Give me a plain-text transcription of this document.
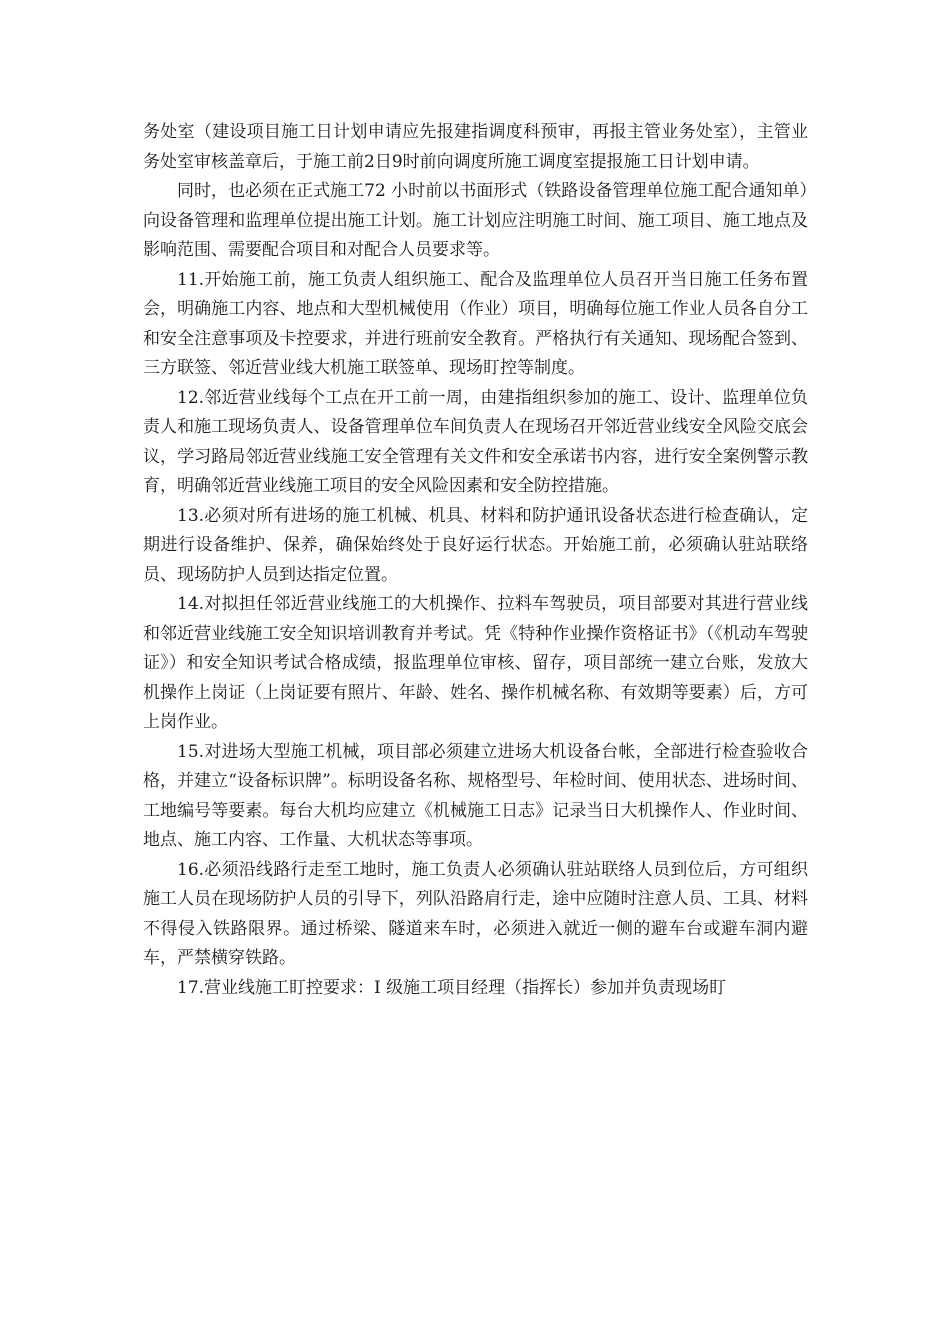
务处室（建设项目施工日计划申请应先报建指调度科预审，再报主管业务处室），主管业务处室审核盖章后，于施工前2日9时前向调度所施工调度室提报施工日计划申请。

同时，也必须在正式施工72 小时前以书面形式（铁路设备管理单位施工配合通知单）向设备管理和监理单位提出施工计划。施工计划应注明施工时间、施工项目、施工地点及影响范围、需要配合项目和对配合人员要求等。

11.开始施工前，施工负责人组织施工、配合及监理单位人员召开当日施工任务布置会，明确施工内容、地点和大型机械使用（作业）项目，明确每位施工作业人员各自分工和安全注意事项及卡控要求，并进行班前安全教育。严格执行有关通知、现场配合签到、三方联签、邻近营业线大机施工联签单、现场盯控等制度。

12.邻近营业线每个工点在开工前一周，由建指组织参加的施工、设计、监理单位负责人和施工现场负责人、设备管理单位车间负责人在现场召开邻近营业线安全风险交底会议，学习路局邻近营业线施工安全管理有关文件和安全承诺书内容，进行安全案例警示教育，明确邻近营业线施工项目的安全风险因素和安全防控措施。

13.必须对所有进场的施工机械、机具、材料和防护通讯设备状态进行检查确认，定期进行设备维护、保养，确保始终处于良好运行状态。开始施工前，必须确认驻站联络员、现场防护人员到达指定位置。

14.对拟担任邻近营业线施工的大机操作、拉料车驾驶员，项目部要对其进行营业线和邻近营业线施工安全知识培训教育并考试。凭《特种作业操作资格证书》（《机动车驾驶证》）和安全知识考试合格成绩，报监理单位审核、留存，项目部统一建立台账，发放大机操作上岗证（上岗证要有照片、年龄、姓名、操作机械名称、有效期等要素）后，方可上岗作业。

15.对进场大型施工机械，项目部必须建立进场大机设备台帐，全部进行检查验收合格，并建立“设备标识牌”。标明设备名称、规格型号、年检时间、使用状态、进场时间、工地编号等要素。每台大机均应建立《机械施工日志》记录当日大机操作人、作业时间、地点、施工内容、工作量、大机状态等事项。

16.必须沿线路行走至工地时，施工负责人必须确认驻站联络人员到位后，方可组织施工人员在现场防护人员的引导下，列队沿路肩行走，途中应随时注意人员、工具、材料不得侵入铁路限界。通过桥梁、隧道来车时，必须进入就近一侧的避车台或避车洞内避车，严禁横穿铁路。

17.营业线施工盯控要求：Ⅰ 级施工项目经理（指挥长）参加并负责现场盯
